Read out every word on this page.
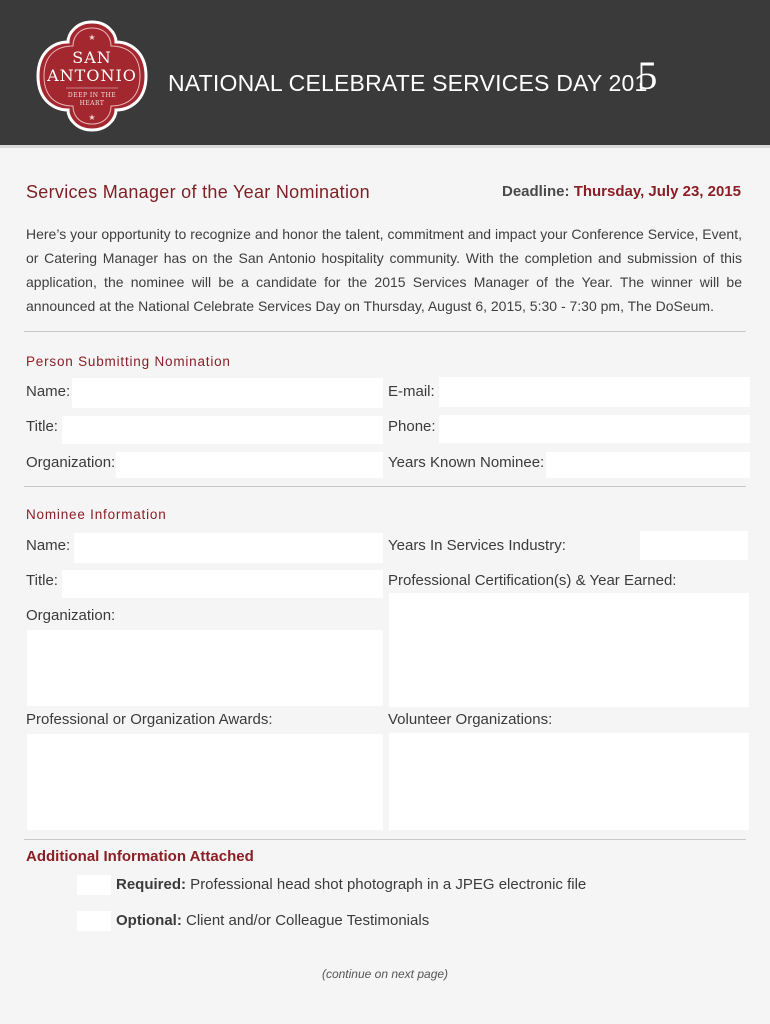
★
★
SAN
ANTONIO
DEEP IN THE
HEART
NATIONAL CELEBRATE SERVICES DAY 201
5
Services Manager of the Year Nomination	Deadline: Thursday, July 23, 2015
Here’s your opportunity to recognize and honor the talent, commitment and impact your Conference Service, Event, or Catering Manager has on the San Antonio hospitality community. With the completion and submission of this application, the nominee will be a candidate for the 2015 Services Manager of the Year. The winner will be announced at the National Celebrate Services Day on Thursday, August 6, 2015, 5:30 - 7:30 pm, The DoSeum.
Person Submitting Nomination
Name:	E-mail:
Title:	Phone:
Organization:	Years Known Nominee:
Nominee Information
Name:	Years In Services Industry:
Title:	Professional Certification(s) & Year Earned:
Organization:
Professional or Organization Awards:	Volunteer Organizations:
Additional Information Attached
Required: Professional head shot photograph in a JPEG electronic file
Optional: Client and/or Colleague Testimonials
(continue on next page)
